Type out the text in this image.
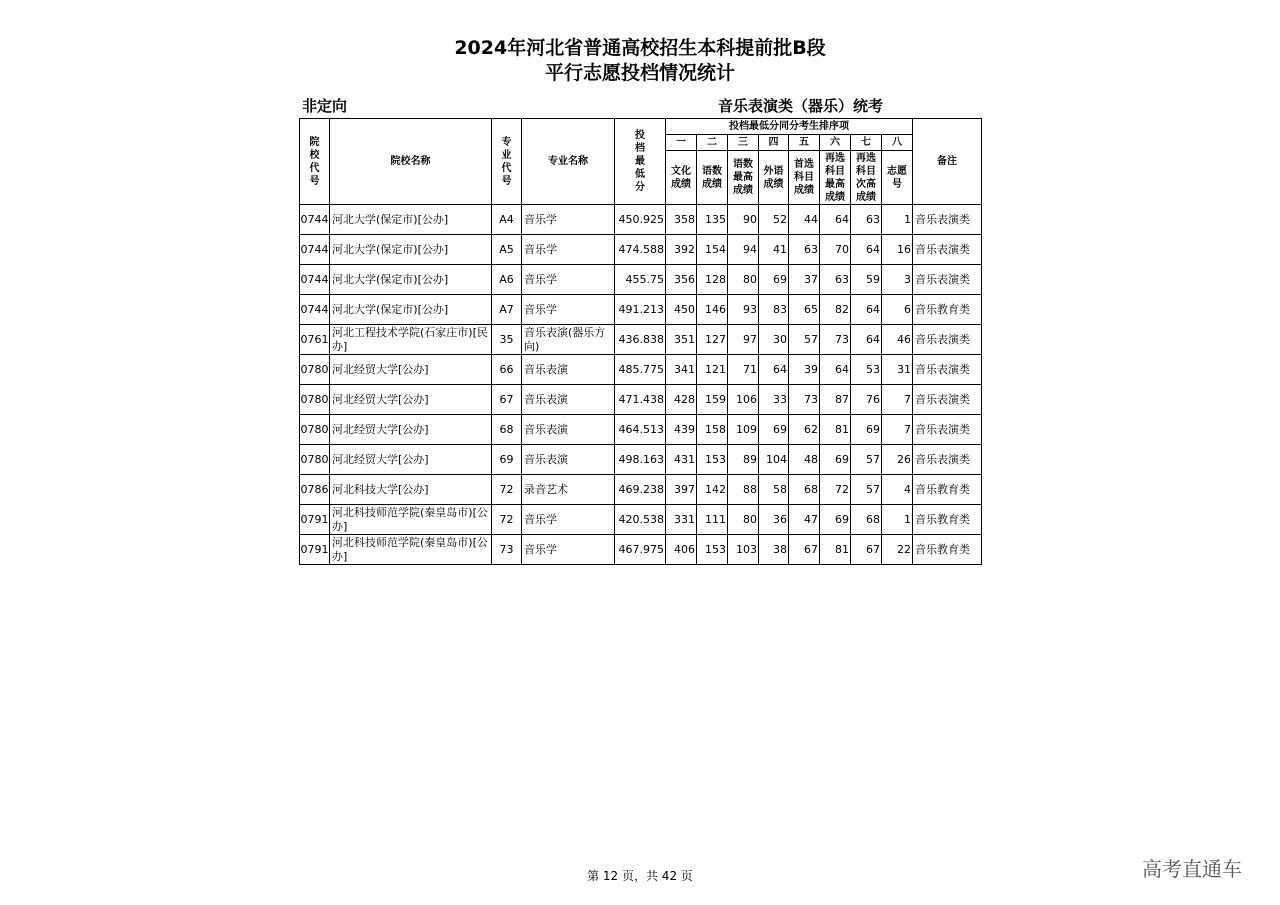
2024年河北省普通高校招生本科提前批B段
平行志愿投档情况统计
非定向	音乐表演类（器乐）统考
院校代号	院校名称	专业代号	专业名称	投档最低分	投档最低分同分考生排序项								备注
					一	二	三	四	五	六	七	八	
					文化成绩	语数成绩	语数最高成绩	外语成绩	首选科目成绩	再选科目最高成绩	再选科目次高成绩	志愿号	
0744	河北大学(保定市)[公办]	A4	音乐学	450.925	358	135	90	52	44	64	63	1	音乐表演类
0744	河北大学(保定市)[公办]	A5	音乐学	474.588	392	154	94	41	63	70	64	16	音乐表演类
0744	河北大学(保定市)[公办]	A6	音乐学	455.75	356	128	80	69	37	63	59	3	音乐表演类
0744	河北大学(保定市)[公办]	A7	音乐学	491.213	450	146	93	83	65	82	64	6	音乐教育类
0761	河北工程技术学院(石家庄市)[民办]	35	音乐表演(器乐方向)	436.838	351	127	97	30	57	73	64	46	音乐表演类
0780	河北经贸大学[公办]	66	音乐表演	485.775	341	121	71	64	39	64	53	31	音乐表演类
0780	河北经贸大学[公办]	67	音乐表演	471.438	428	159	106	33	73	87	76	7	音乐表演类
0780	河北经贸大学[公办]	68	音乐表演	464.513	439	158	109	69	62	81	69	7	音乐表演类
0780	河北经贸大学[公办]	69	音乐表演	498.163	431	153	89	104	48	69	57	26	音乐表演类
0786	河北科技大学[公办]	72	录音艺术	469.238	397	142	88	58	68	72	57	4	音乐教育类
0791	河北科技师范学院(秦皇岛市)[公办]	72	音乐学	420.538	331	111	80	36	47	69	68	1	音乐教育类
0791	河北科技师范学院(秦皇岛市)[公办]	73	音乐学	467.975	406	153	103	38	67	81	67	22	音乐教育类
第 12 页，共 42 页	高考直通车
